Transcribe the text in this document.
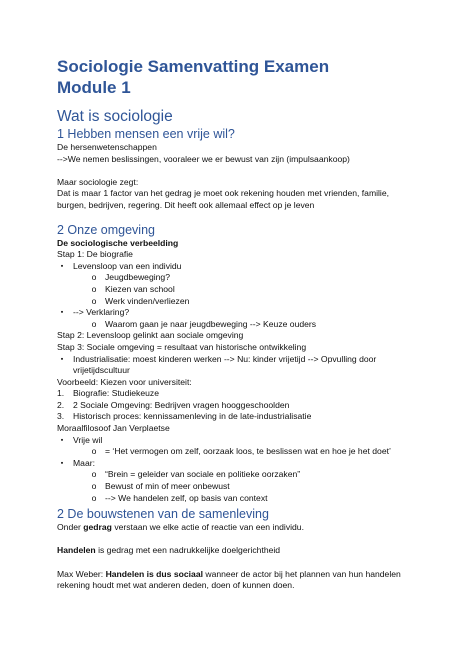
Sociologie Samenvatting Examen

Module 1

Wat is sociologie

1 Hebben mensen een vrije wil?

De hersenwetenschappen

-->We nemen beslissingen, vooraleer we er bewust van zijn (impulsaankoop)

Maar sociologie zegt:

Dat is maar 1 factor van het gedrag je moet ook rekening houden met vrienden, familie,

burgen, bedrijven, regering. Dit heeft ook allemaal effect op je leven

2 Onze omgeving

De sociologische verbeelding

Stap 1: De biografie

▪	Levensloop van een individu

o	Jeugdbeweging?

o	Kiezen van school

o	Werk vinden/verliezen

▪	--> Verklaring?

o	Waarom gaan je naar jeugdbeweging --> Keuze ouders

Stap 2: Levensloop gelinkt aan sociale omgeving

Stap 3: Sociale omgeving = resultaat van historische ontwikkeling

▪	Industrialisatie: moest kinderen werken --> Nu: kinder vrijetijd --> Opvulling door

vrijetijdscultuur

Voorbeeld: Kiezen voor universiteit:

1. Biografie: Studiekeuze

2. 2 Sociale Omgeving: Bedrijven vragen hooggeschoolden

3. Historisch proces: kennissamenleving in de late-industrialisatie

Moraalfilosoof Jan Verplaetse

▪	Vrije wil

o	= ‘Het vermogen om zelf, oorzaak loos, te beslissen wat en hoe je het doet’

▪	Maar:

o	“Brein = geleider van sociale en politieke oorzaken”

o	Bewust of min of meer onbewust

o	--> We handelen zelf, op basis van context

2 De bouwstenen van de samenleving

Onder gedrag verstaan we elke actie of reactie van een individu.

Handelen is gedrag met een nadrukkelijke doelgerichtheid

Max Weber: Handelen is dus sociaal wanneer de actor bij het plannen van hun handelen

rekening houdt met wat anderen deden, doen of kunnen doen.
